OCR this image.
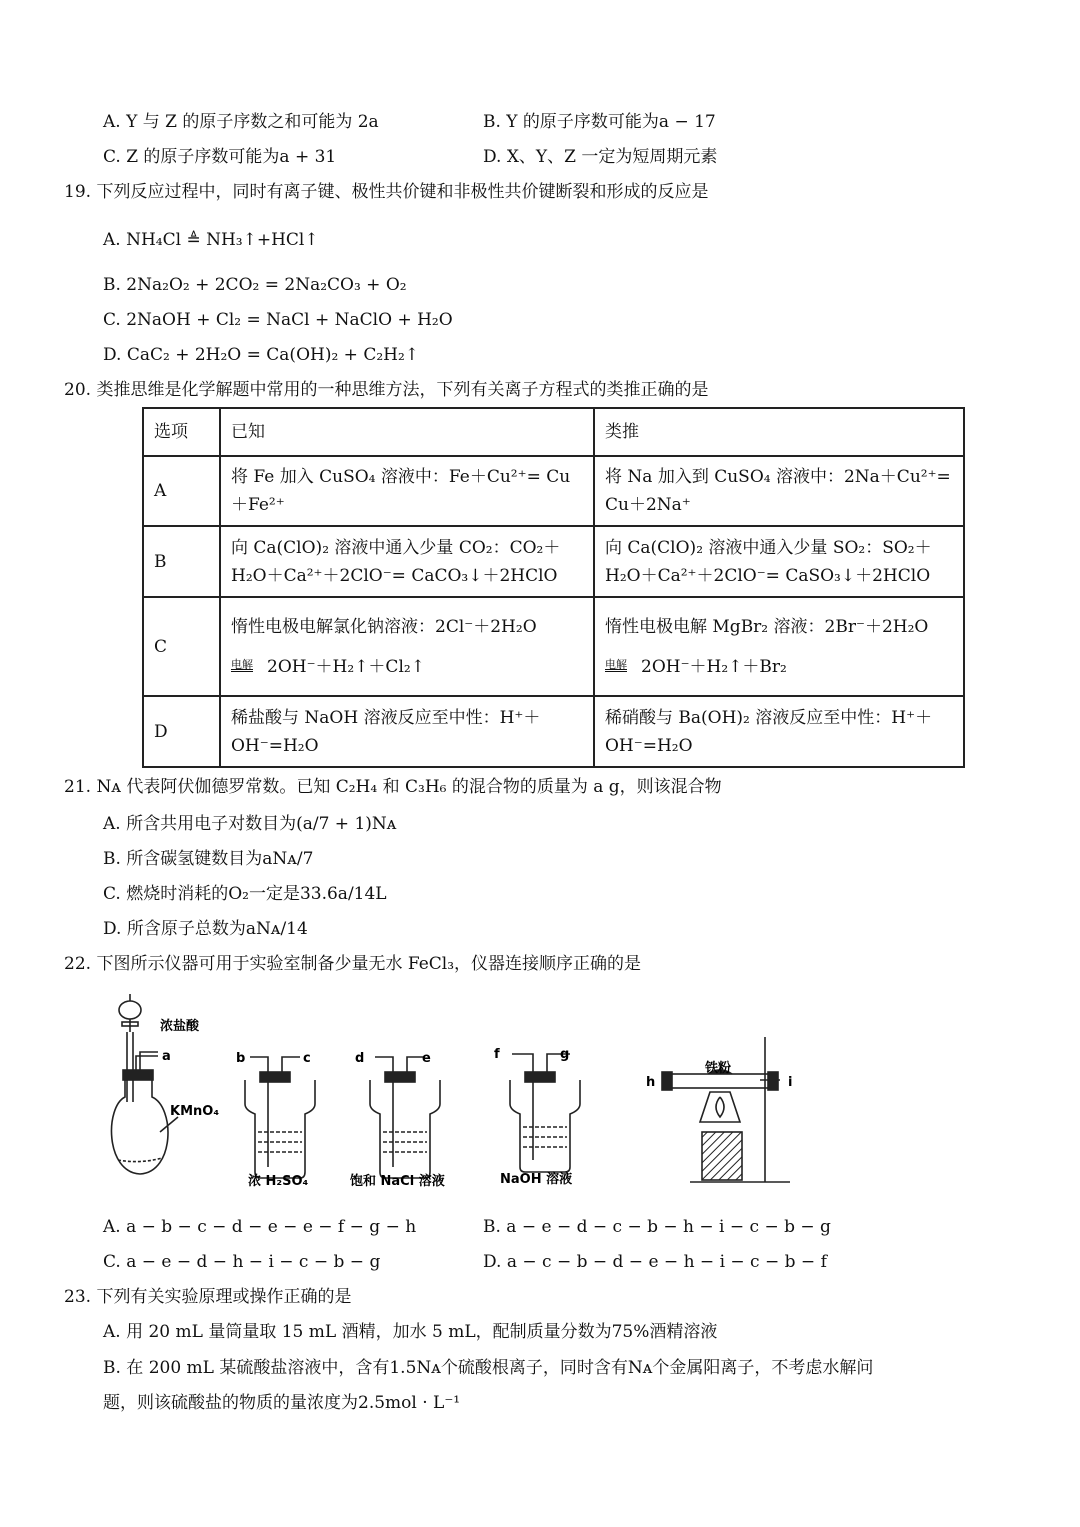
A. Y 与 Z 的原子序数之和可能为 2a	B. Y 的原子序数可能为a − 17
C. Z 的原子序数可能为a + 31	D. X、Y、Z 一定为短周期元素
19. 下列反应过程中，同时有离子键、极性共价键和非极性共价键断裂和形成的反应是
A. NH₄Cl ≜ NH₃↑+HCl↑
B. 2Na₂O₂ + 2CO₂ = 2Na₂CO₃ + O₂
C. 2NaOH + Cl₂ = NaCl + NaClO + H₂O
D. CaC₂ + 2H₂O = Ca(OH)₂ + C₂H₂↑
20. 类推思维是化学解题中常用的一种思维方法，下列有关离子方程式的类推正确的是
选项	已知	类推
A	将 Fe 加入 CuSO₄ 溶液中：Fe＋Cu²⁺= Cu
＋Fe²⁺	将 Na 加入到 CuSO₄ 溶液中：2Na＋Cu²⁺=
Cu＋2Na⁺

B	向 Ca(ClO)₂ 溶液中通入少量 CO₂：CO₂＋
H₂O＋Ca²⁺＋2ClO⁻= CaCO₃↓＋2HClO	向 Ca(ClO)₂ 溶液中通入少量 SO₂：SO₂＋
H₂O＋Ca²⁺＋2ClO⁻= CaSO₃↓＋2HClO

C	惰性电极电解氯化钠溶液：2Cl⁻＋2H₂O
电解 2OH⁻＋H₂↑＋Cl₂↑	惰性电极电解 MgBr₂ 溶液：2Br⁻＋2H₂O
电解 2OH⁻＋H₂↑＋Br₂

D	稀盐酸与 NaOH 溶液反应至中性：H⁺＋
OH⁻=H₂O	稀硝酸与 Ba(OH)₂ 溶液反应至中性：H⁺＋
OH⁻=H₂O
21. Nᴀ 代表阿伏伽德罗常数。已知 C₂H₄ 和 C₃H₆ 的混合物的质量为 a g，则该混合物
A. 所含共用电子对数目为(a/7 + 1)Nᴀ
B. 所含碳氢键数目为aNᴀ/7
C. 燃烧时消耗的O₂一定是33.6a/14L
D. 所含原子总数为aNᴀ/14
22. 下图所示仪器可用于实验室制备少量无水 FeCl₃，仪器连接顺序正确的是
浓盐酸
KMnO₄
浓 H₂SO₄	饱和 NaCl 溶液	NaOH 溶液
铁粉
a	b	c	d	e	f	g
h	i
A. a − b − c − d − e − e − f − g − h	B. a − e − d − c − b − h − i − c − b − g
C. a − e − d − h − i − c − b − g	D. a − c − b − d − e − h − i − c − b − f
23. 下列有关实验原理或操作正确的是
A. 用 20 mL 量筒量取 15 mL 酒精，加水 5 mL，配制质量分数为75%酒精溶液
B. 在 200 mL 某硫酸盐溶液中，含有1.5Nᴀ个硫酸根离子，同时含有Nᴀ个金属阳离子，不考虑水解问
题，则该硫酸盐的物质的量浓度为2.5mol · L⁻¹
